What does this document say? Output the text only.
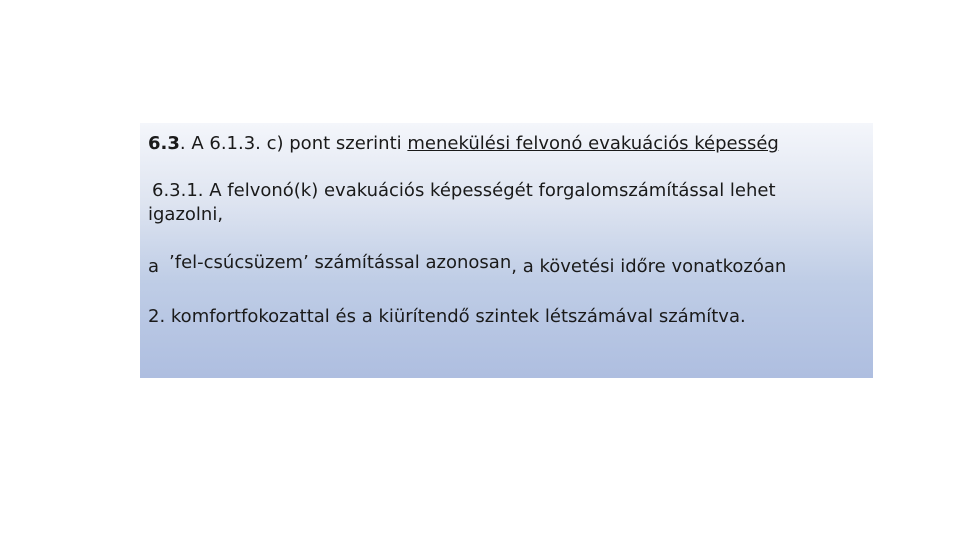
6.3. A 6.1.3. c) pont szerinti menekülési felvonó evakuációs képesség
6.3.1. A felvonó(k) evakuációs képességét forgalomszámítással lehet
igazolni,
a ’fel-csúcsüzem’ számítással azonosan, a követési időre vonatkozóan
2. komfortfokozattal és a kiürítendő szintek létszámával számítva.
